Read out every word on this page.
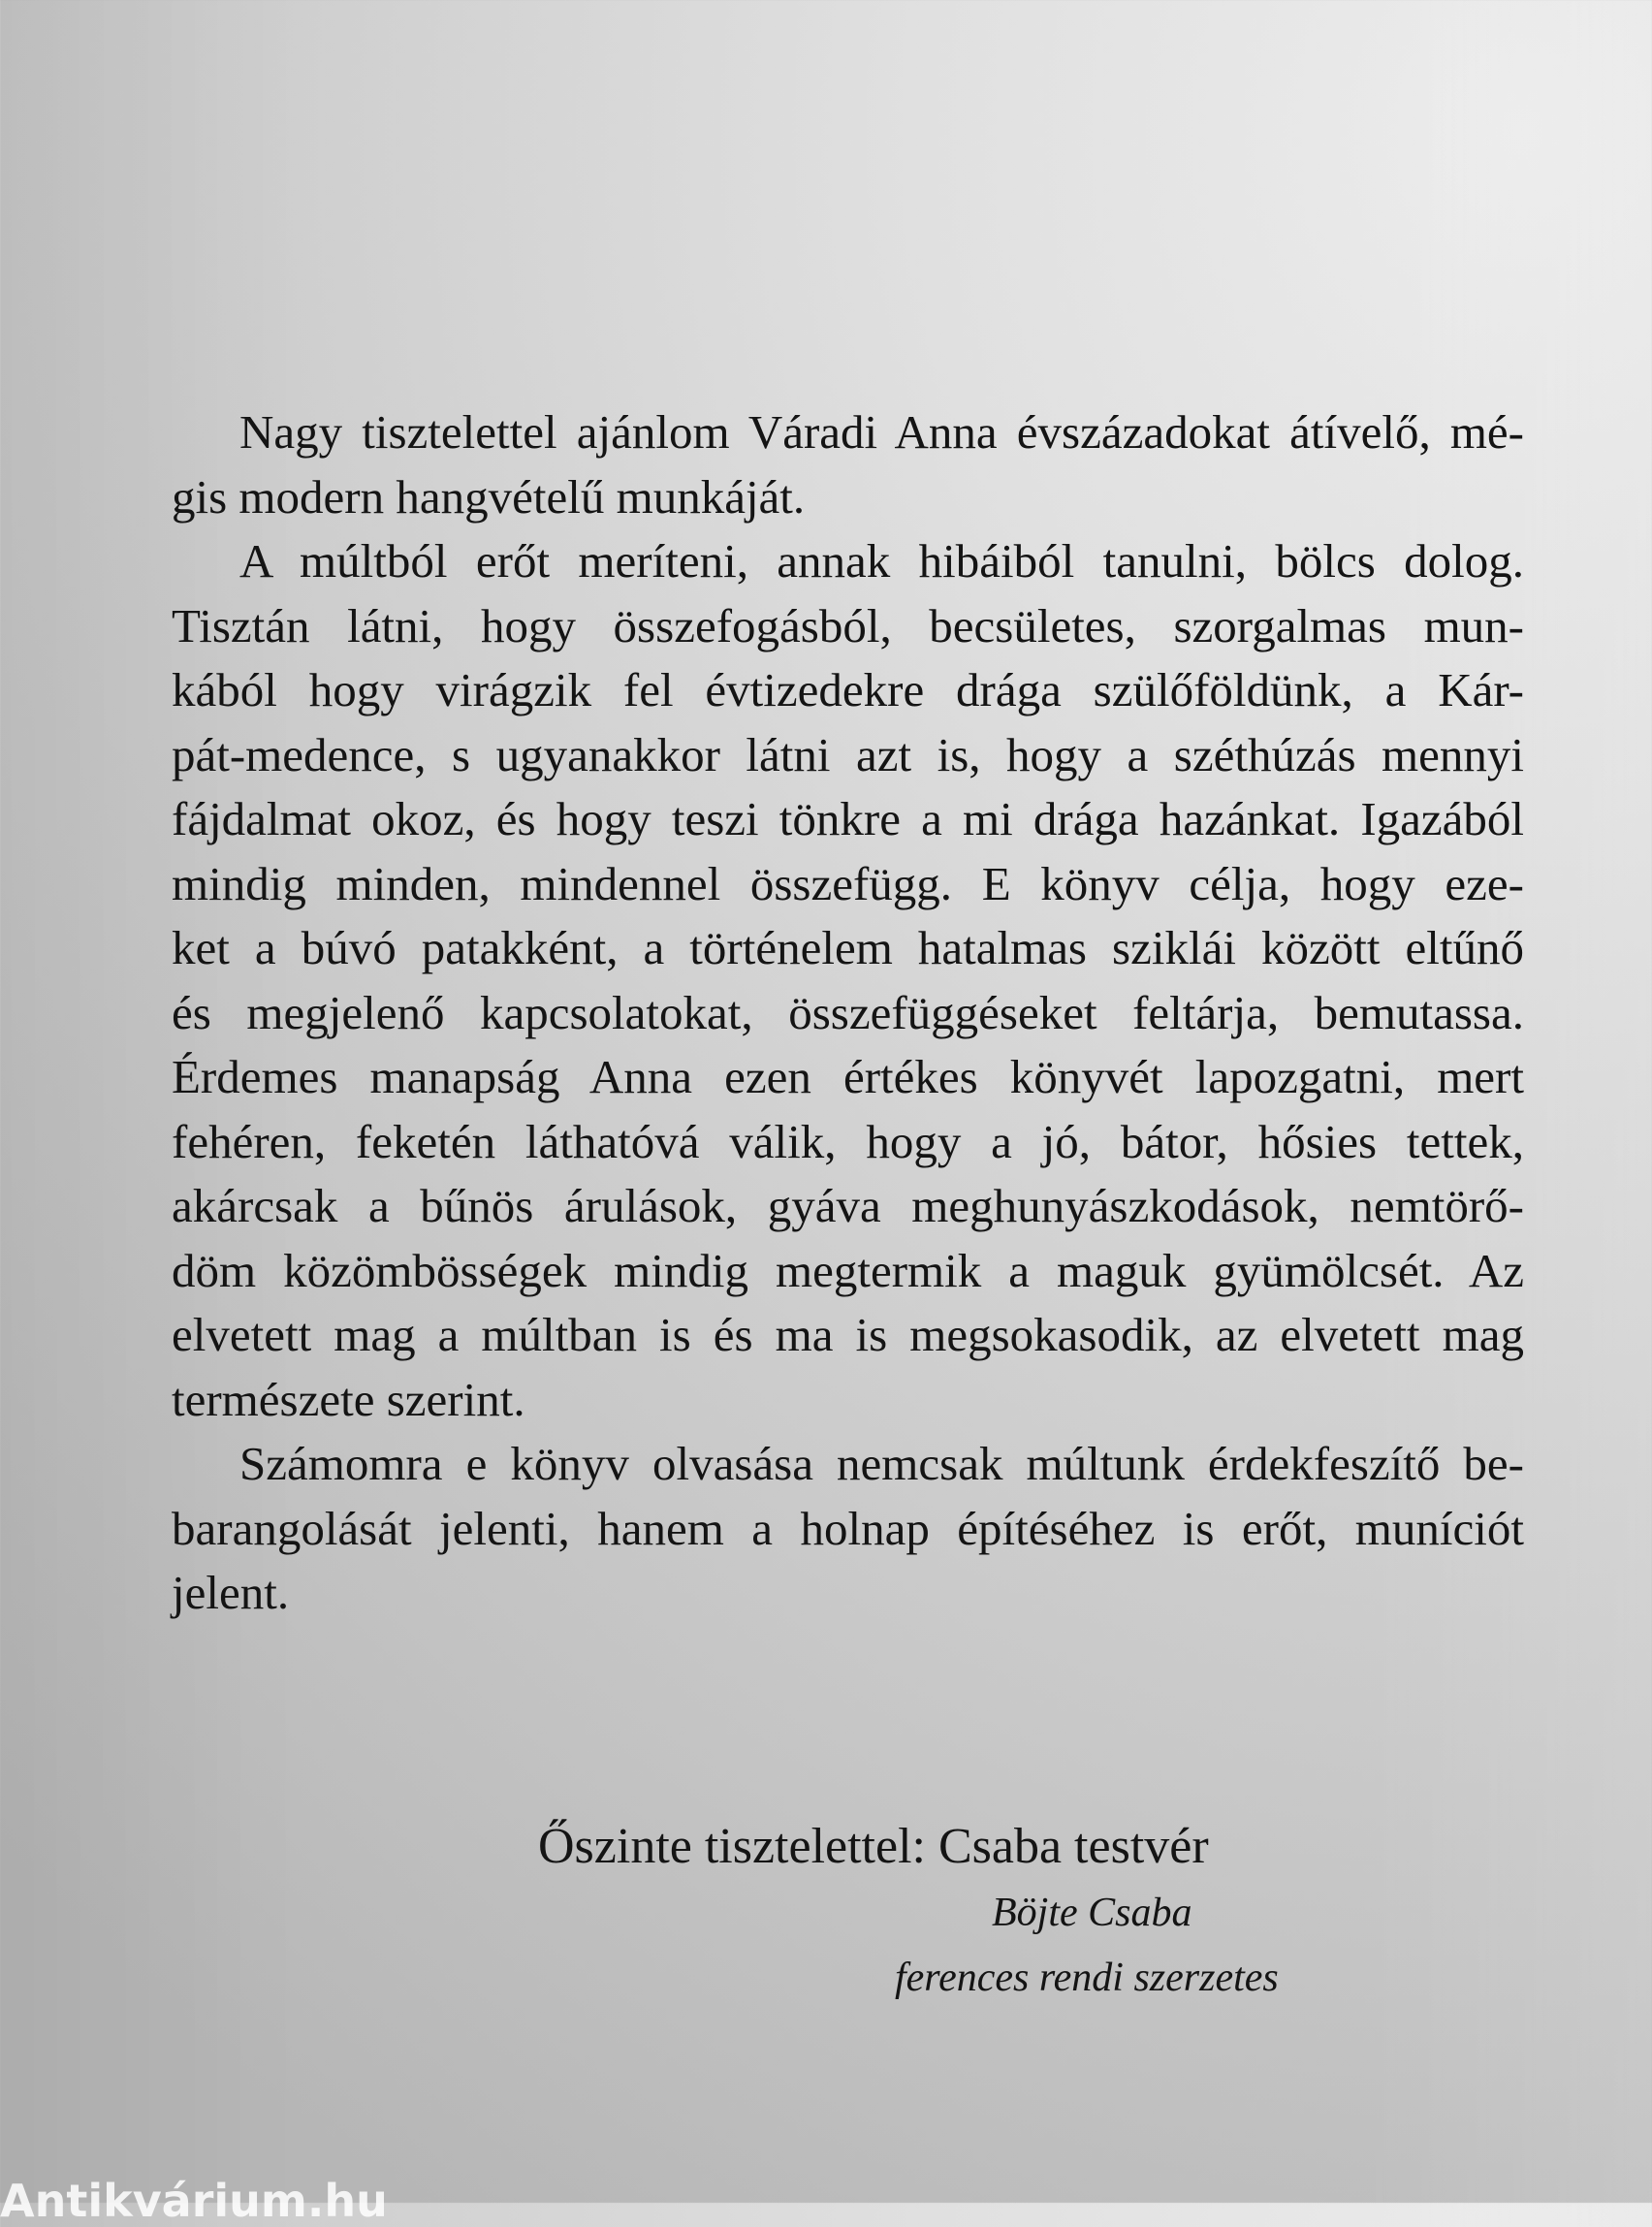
Nagy tisztelettel ajánlom Váradi Anna évszázadokat átívelő, mé-
gis modern hangvételű munkáját.
A múltból erőt meríteni, annak hibáiból tanulni, bölcs dolog.
Tisztán látni, hogy összefogásból, becsületes, szorgalmas mun-
kából hogy virágzik fel évtizedekre drága szülőföldünk, a Kár-
pát-medence, s ugyanakkor látni azt is, hogy a széthúzás mennyi
fájdalmat okoz, és hogy teszi tönkre a mi drága hazánkat. Igazából
mindig minden, mindennel összefügg. E könyv célja, hogy eze-
ket a búvó patakként, a történelem hatalmas sziklái között eltűnő
és megjelenő kapcsolatokat, összefüggéseket feltárja, bemutassa.
Érdemes manapság Anna ezen értékes könyvét lapozgatni, mert
fehéren, feketén láthatóvá válik, hogy a jó, bátor, hősies tettek,
akárcsak a bűnös árulások, gyáva meghunyászkodások, nemtörő-
döm közömbösségek mindig megtermik a maguk gyümölcsét. Az
elvetett mag a múltban is és ma is megsokasodik, az elvetett mag
természete szerint.
Számomra e könyv olvasása nemcsak múltunk érdekfeszítő be-
barangolását jelenti, hanem a holnap építéséhez is erőt, muníciót
jelent.
Őszinte tisztelettel: Csaba testvér
Böjte Csaba
ferences rendi szerzetes
Antikvárium.hu
